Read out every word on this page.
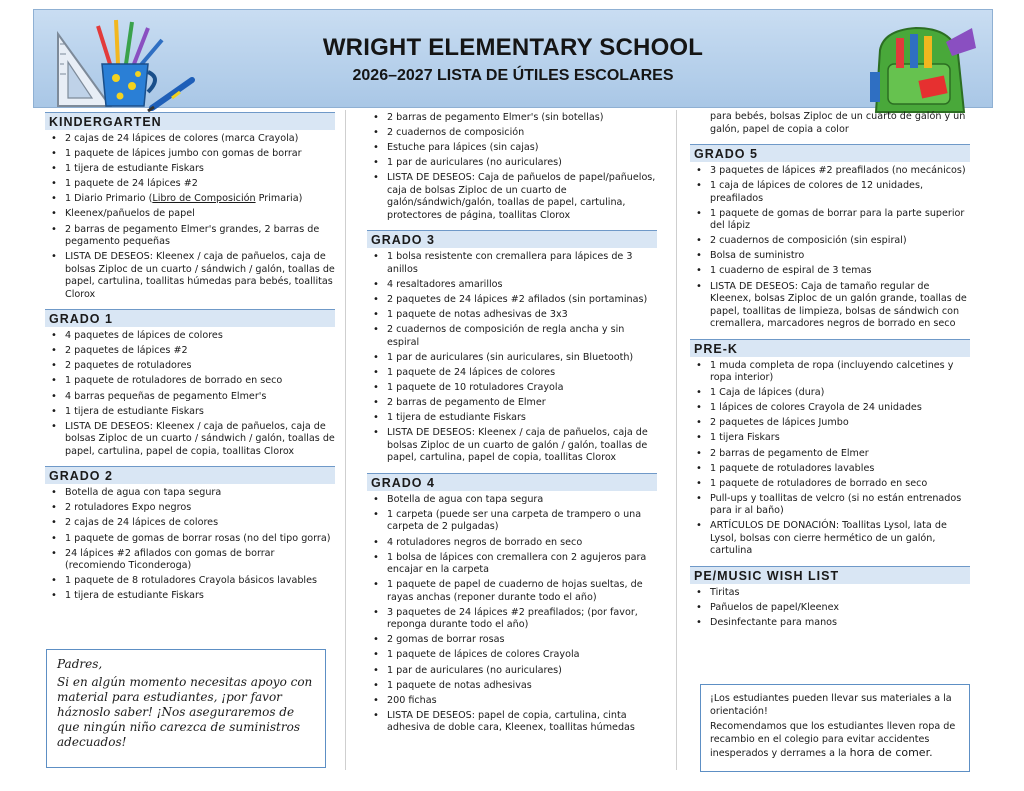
WRIGHT ELEMENTARY SCHOOL
2026–2027 LISTA DE ÚTILES ESCOLARES
KINDERGARTEN
• 2 cajas de 24 lápices de colores (marca Crayola)
• 1 paquete de lápices jumbo con gomas de borrar
• 1 tijera de estudiante Fiskars
• 1 paquete de 24 lápices #2
• 1 Diario Primario (Libro de Composición Primaria)
• Kleenex/pañuelos de papel
• 2 barras de pegamento Elmer's grandes, 2 barras de pegamento pequeñas
• LISTA DE DESEOS: Kleenex / caja de pañuelos, caja de bolsas Ziploc de un cuarto / sándwich / galón, toallas de papel, cartulina, toallitas húmedas para bebés, toallitas Clorox
GRADO 1
• 4 paquetes de lápices de colores
• 2 paquetes de lápices #2
• 2 paquetes de rotuladores
• 1 paquete de rotuladores de borrado en seco
• 4 barras pequeñas de pegamento Elmer's
• 1 tijera de estudiante Fiskars
• LISTA DE DESEOS: Kleenex / caja de pañuelos, caja de bolsas Ziploc de un cuarto / sándwich / galón, toallas de papel, cartulina, papel de copia, toallitas Clorox
GRADO 2
• Botella de agua con tapa segura
• 2 rotuladores Expo negros
• 2 cajas de 24 lápices de colores
• 1 paquete de gomas de borrar rosas (no del tipo gorra)
• 24 lápices #2 afilados con gomas de borrar (recomiendo Ticonderoga)
• 1 paquete de 8 rotuladores Crayola básicos lavables
• 1 tijera de estudiante Fiskars
Padres,
Si en algún momento necesitas apoyo con material para estudiantes, ¡por favor háznoslo saber! ¡Nos aseguraremos de que ningún niño carezca de suministros adecuados!
• 2 barras de pegamento Elmer's (sin botellas)
• 2 cuadernos de composición
• Estuche para lápices (sin cajas)
• 1 par de auriculares (no auriculares)
• LISTA DE DESEOS: Caja de pañuelos de papel/pañuelos, caja de bolsas Ziploc de un cuarto de galón/sándwich/galón, toallas de papel, cartulina, protectores de página, toallitas Clorox
GRADO 3
• 1 bolsa resistente con cremallera para lápices de 3 anillos
• 4 resaltadores amarillos
• 2 paquetes de 24 lápices #2 afilados (sin portaminas)
• 1 paquete de notas adhesivas de 3x3
• 2 cuadernos de composición de regla ancha y sin espiral
• 1 par de auriculares (sin auriculares, sin Bluetooth)
• 1 paquete de 24 lápices de colores
• 1 paquete de 10 rotuladores Crayola
• 2 barras de pegamento de Elmer
• 1 tijera de estudiante Fiskars
• LISTA DE DESEOS: Kleenex / caja de pañuelos, caja de bolsas Ziploc de un cuarto de galón / galón, toallas de papel, cartulina, papel de copia, toallitas Clorox
GRADO 4
• Botella de agua con tapa segura
• 1 carpeta (puede ser una carpeta de trampero o una carpeta de 2 pulgadas)
• 4 rotuladores negros de borrado en seco
• 1 bolsa de lápices con cremallera con 2 agujeros para encajar en la carpeta
• 1 paquete de papel de cuaderno de hojas sueltas, de rayas anchas (reponer durante todo el año)
• 3 paquetes de 24 lápices #2 preafilados; (por favor, reponga durante todo el año)
• 2 gomas de borrar rosas
• 1 paquete de lápices de colores Crayola
• 1 par de auriculares (no auriculares)
• 1 paquete de notas adhesivas
• 200 fichas
• LISTA DE DESEOS: papel de copia, cartulina, cinta adhesiva de doble cara, Kleenex, toallitas húmedas
para bebés, bolsas Ziploc de un cuarto de galón y un galón, papel de copia a color
GRADO 5
• 3 paquetes de lápices #2 preafilados (no mecánicos)
• 1 caja de lápices de colores de 12 unidades, preafilados
• 1 paquete de gomas de borrar para la parte superior del lápiz
• 2 cuadernos de composición (sin espiral)
• Bolsa de suministro
• 1 cuaderno de espiral de 3 temas
• LISTA DE DESEOS: Caja de tamaño regular de Kleenex, bolsas Ziploc de un galón grande, toallas de papel, toallitas de limpieza, bolsas de sándwich con cremallera, marcadores negros de borrado en seco
PRE-K
• 1 muda completa de ropa (incluyendo calcetines y ropa interior)
• 1 Caja de lápices (dura)
• 1 lápices de colores Crayola de 24 unidades
• 2 paquetes de lápices Jumbo
• 1 tijera Fiskars
• 2 barras de pegamento de Elmer
• 1 paquete de rotuladores lavables
• 1 paquete de rotuladores de borrado en seco
• Pull-ups y toallitas de velcro (si no están entrenados para ir al baño)
• ARTÍCULOS DE DONACIÓN: Toallitas Lysol, lata de Lysol, bolsas con cierre hermético de un galón, cartulina
PE/MUSIC WISH LIST
• Tiritas
• Pañuelos de papel/Kleenex
• Desinfectante para manos

¡Los estudiantes pueden llevar sus materiales a la orientación!

Recomendamos que los estudiantes lleven ropa de recambio en el colegio para evitar accidentes inesperados y derrames a la hora de comer.
